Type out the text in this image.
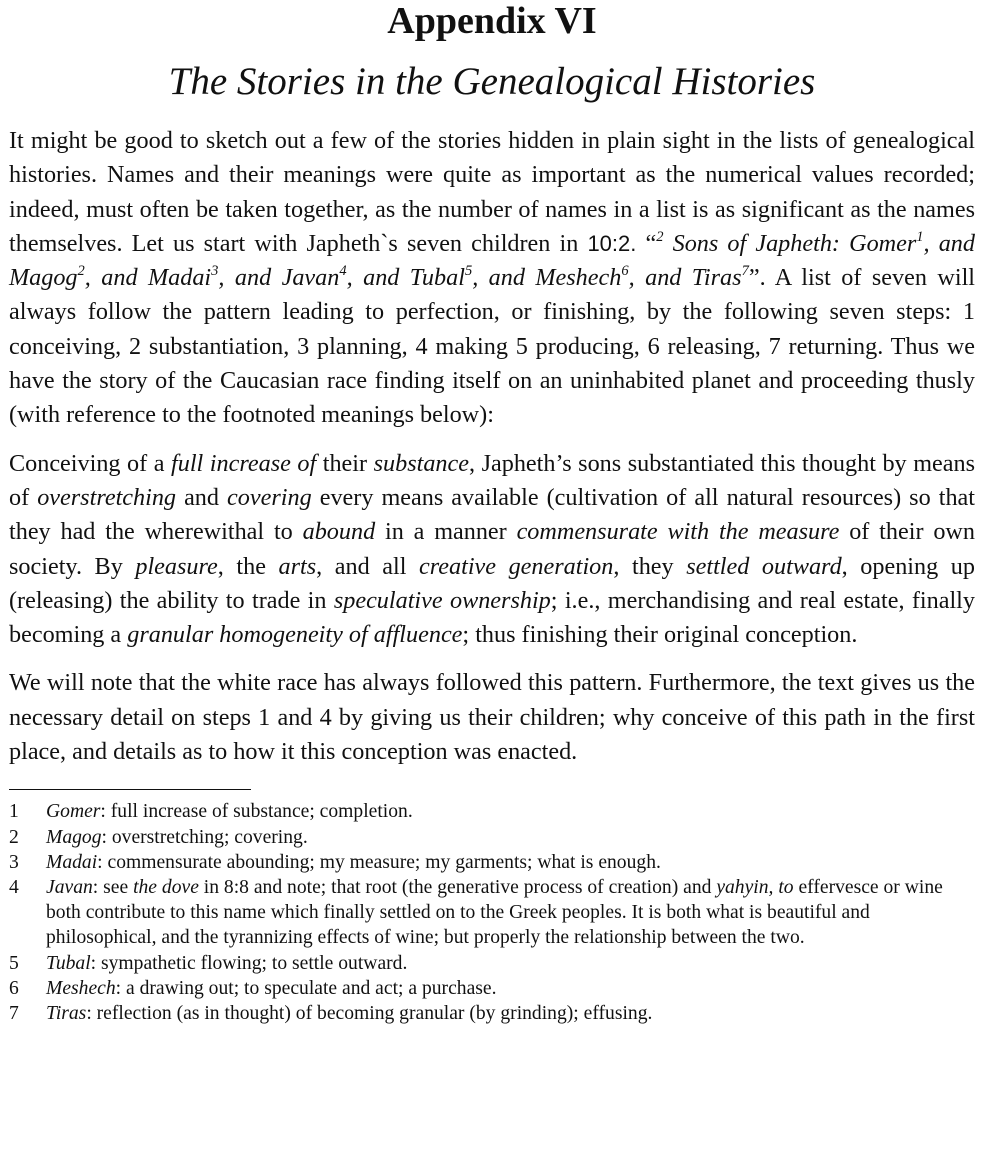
Appendix VI
The Stories in the Genealogical Histories

It might be good to sketch out a few of the stories hidden in plain sight in the lists of genealogical histories. Names and their meanings were quite as important as the numerical values recorded; indeed, must often be taken together, as the number of names in a list is as significant as the names themselves. Let us start with Japheth`s seven children in 10:2. “$^2$ Sons of Japheth: Gomer$^1$, and Magog$^2$, and Madai$^3$, and Javan$^4$, and Tubal$^5$, and Meshech$^6$, and Tiras$^7$”. A list of seven will always follow the pattern leading to perfection, or finishing, by the following seven steps: 1 conceiving, 2 substantiation, 3 planning, 4 making 5 producing, 6 releasing, 7 returning. Thus we have the story of the Caucasian race finding itself on an uninhabited planet and proceeding thusly (with reference to the footnoted meanings below):

Conceiving of a full increase of their substance, Japheth’s sons substantiated this thought by means of overstretching and covering every means available (cultivation of all natural resources) so that they had the wherewithal to abound in a manner commensurate with the measure of their own society. By pleasure, the arts, and all creative generation, they settled outward, opening up (releasing) the ability to trade in speculative ownership; i.e., merchandising and real estate, finally becoming a granular homogeneity of affluence; thus finishing their original conception.

We will note that the white race has always followed this pattern. Furthermore, the text gives us the necessary detail on steps 1 and 4 by giving us their children; why conceive of this path in the first place, and details as to how it this conception was enacted.

1	Gomer: full increase of substance; completion.
2	Magog: overstretching; covering.
3	Madai: commensurate abounding; my measure; my garments; what is enough.
4	Javan: see the dove in 8:8 and note; that root (the generative process of creation) and yahyin, to effervesce or wine both contribute to this name which finally settled on to the Greek peoples. It is both what is beautiful and philosophical, and the tyrannizing effects of wine; but properly the relationship between the two.
5	Tubal: sympathetic flowing; to settle outward.
6	Meshech: a drawing out; to speculate and act; a purchase.
7	Tiras: reflection (as in thought) of becoming granular (by grinding); effusing.
